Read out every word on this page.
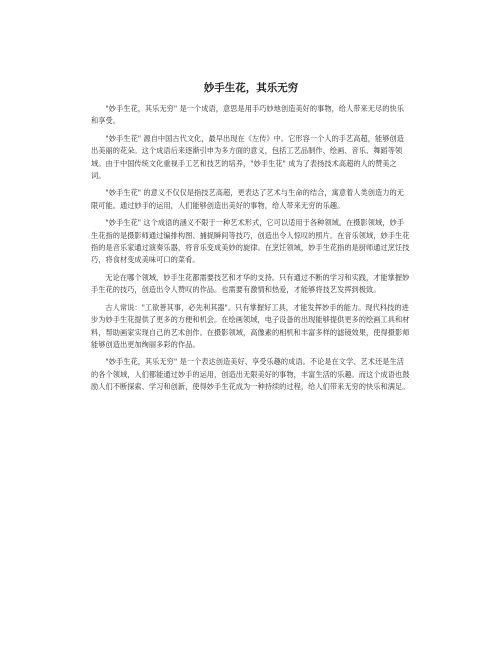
妙手生花，其乐无穷

"妙手生花，其乐无穷" 是一个成语，意思是用手巧妙地创造美好的事物，给人带来无尽的快乐和享受。

"妙手生花" 源自中国古代文化，最早出现在《左传》中。它形容一个人的手艺高超，能够创造出美丽的花朵。这个成语后来逐渐引申为多方面的意义，包括工艺品制作、绘画、音乐、舞蹈等领域。由于中国传统文化重视手工艺和技艺的培养，"妙手生花" 成为了表扬技术高超的人的赞美之词。

"妙手生花" 的意义不仅仅是指技艺高超，更表达了艺术与生命的结合，寓意着人类创造力的无限可能。通过妙手的运用，人们能够创造出美好的事物，给人带来无穷的乐趣。

"妙手生花" 这个成语的涵义不限于一种艺术形式，它可以适用于各种领域。在摄影领域，妙手生花指的是摄影师通过编排构图、捕捉瞬间等技巧，创造出令人惊叹的照片。在音乐领域，妙手生花指的是音乐家通过演奏乐器，将音乐变成美妙的旋律。在烹饪领域，妙手生花指的是厨师通过烹饪技巧，将食材变成美味可口的菜肴。

无论在哪个领域，妙手生花都需要技艺和才华的支持。只有通过不断的学习和实践，才能掌握妙手生花的技巧，创造出令人赞叹的作品。也需要有激情和热爱，才能够将技艺发挥到极致。

古人常说："工欲善其事，必先利其器"。只有掌握好工具，才能发挥妙手的能力。现代科技的进步为妙手生花提供了更多的方便和机会。在绘画领域，电子设备的出现能够提供更多的绘画工具和材料，帮助画家实现自己的艺术创作。在摄影领域，高像素的相机和丰富多样的滤镜效果，使得摄影师能够创造出更加绚丽多彩的作品。

"妙手生花，其乐无穷" 是一个表达创造美好、享受乐趣的成语。不论是在文学、艺术还是生活的各个领域，人们都能通过妙手的运用，创造出无限美好的事物，丰富生活的乐趣。而这个成语也鼓励人们不断探索、学习和创新，使得妙手生花成为一种持续的过程，给人们带来无穷的快乐和满足。
